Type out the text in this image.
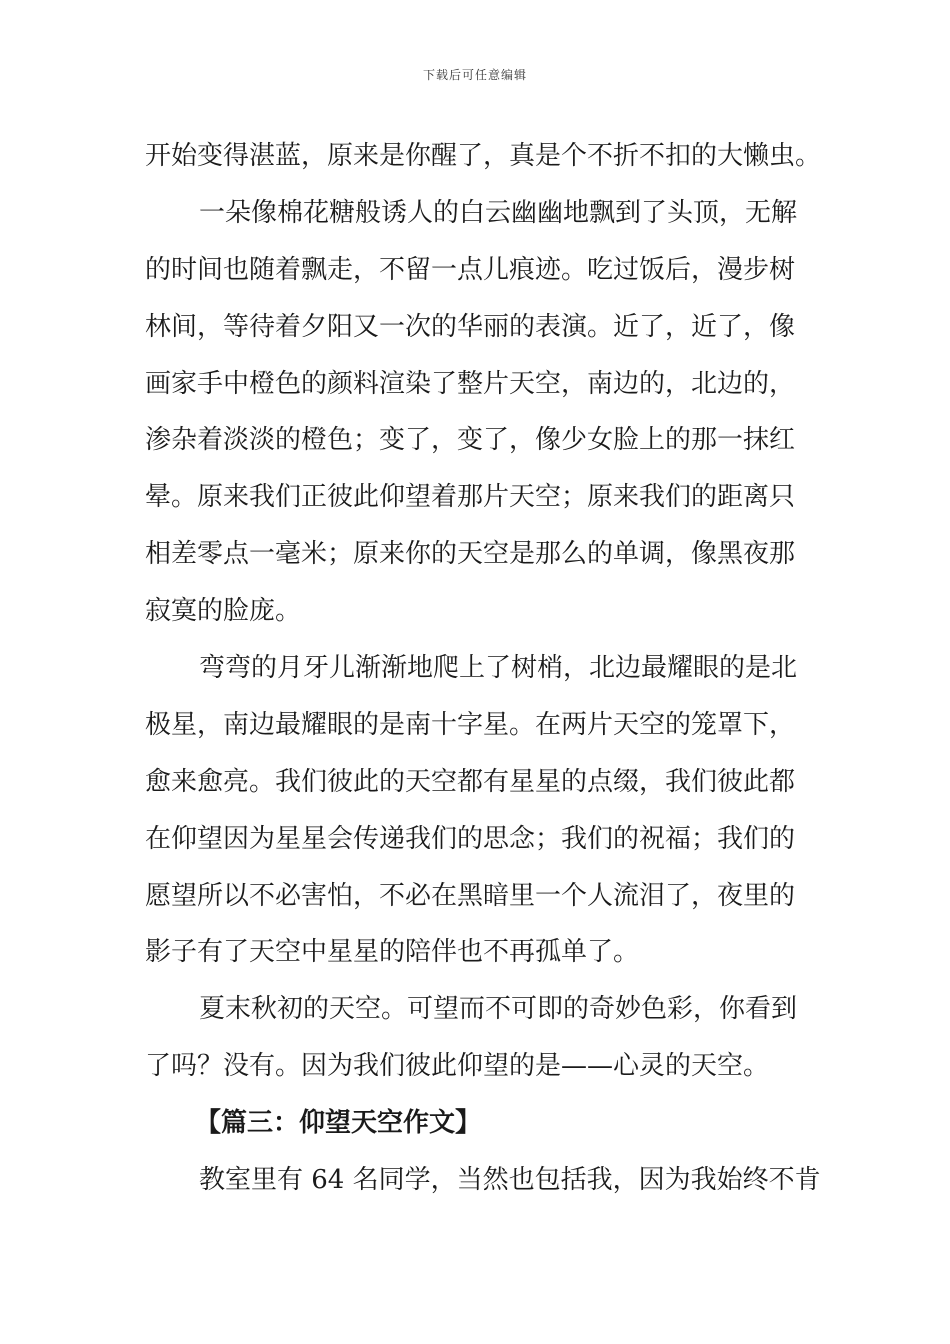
下载后可任意编辑
开始变得湛蓝，原来是你醒了，真是个不折不扣的大懒虫。
一朵像棉花糖般诱人的白云幽幽地飘到了头顶，无解
的时间也随着飘走，不留一点儿痕迹。吃过饭后，漫步树
林间，等待着夕阳又一次的华丽的表演。近了，近了，像
画家手中橙色的颜料渲染了整片天空，南边的，北边的，
渗杂着淡淡的橙色；变了，变了，像少女脸上的那一抹红
晕。原来我们正彼此仰望着那片天空；原来我们的距离只
相差零点一毫米；原来你的天空是那么的单调，像黑夜那
寂寞的脸庞。
弯弯的月牙儿渐渐地爬上了树梢，北边最耀眼的是北
极星，南边最耀眼的是南十字星。在两片天空的笼罩下，
愈来愈亮。我们彼此的天空都有星星的点缀，我们彼此都
在仰望因为星星会传递我们的思念；我们的祝福；我们的
愿望所以不必害怕，不必在黑暗里一个人流泪了，夜里的
影子有了天空中星星的陪伴也不再孤单了。
夏末秋初的天空。可望而不可即的奇妙色彩，你看到
了吗？没有。因为我们彼此仰望的是——心灵的天空。
【篇三：仰望天空作文】
教室里有 64 名同学，当然也包括我，因为我始终不肯
